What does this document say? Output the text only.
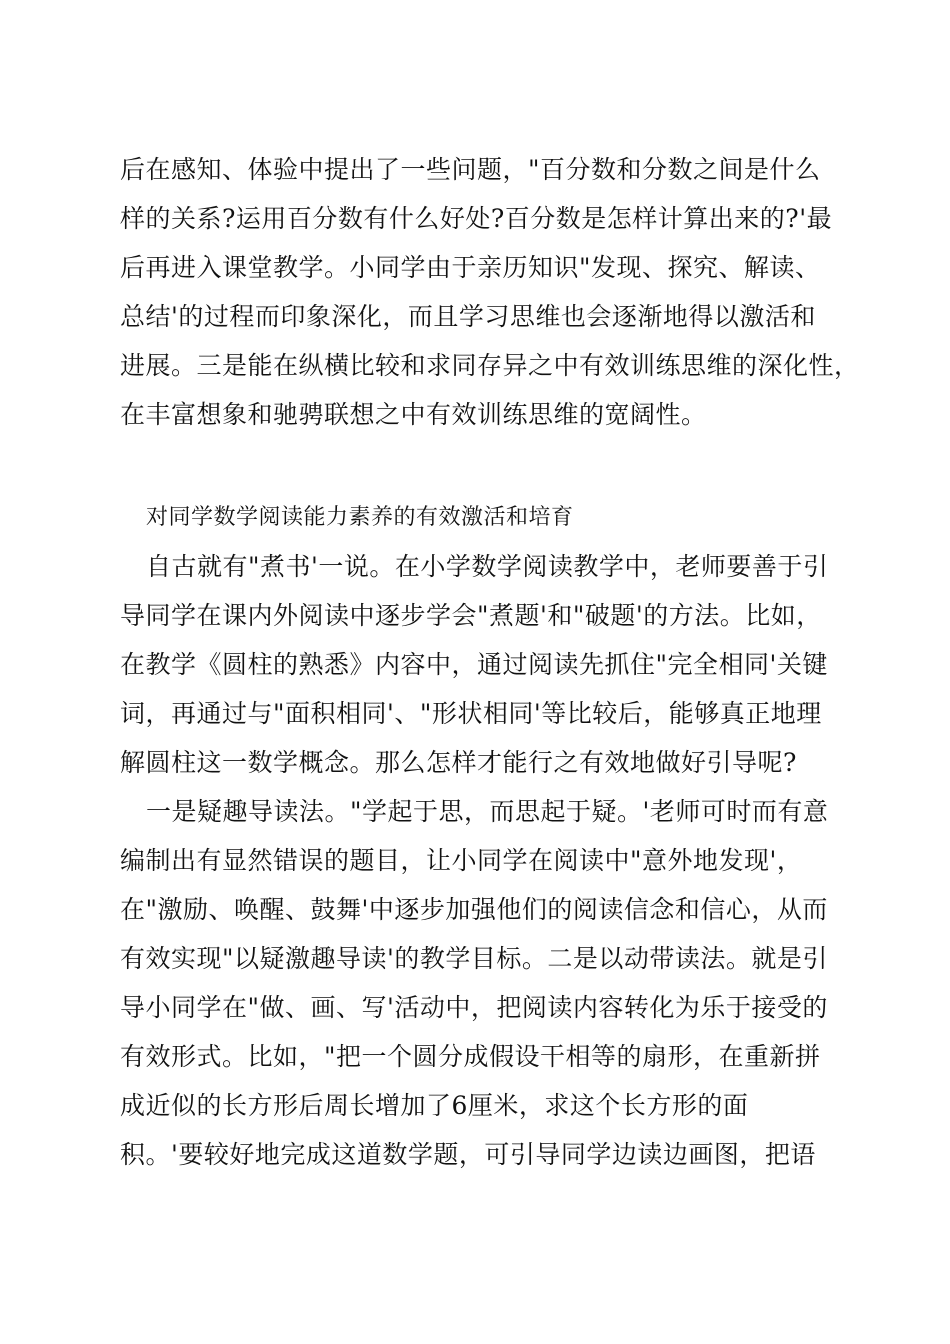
后在感知、体验中提出了一些问题，"百分数和分数之间是什么
样的关系?运用百分数有什么好处?百分数是怎样计算出来的?'最
后再进入课堂教学。小同学由于亲历知识"发现、探究、解读、
总结'的过程而印象深化，而且学习思维也会逐渐地得以激活和
进展。三是能在纵横比较和求同存异之中有效训练思维的深化性，
在丰富想象和驰骋联想之中有效训练思维的宽阔性。
对同学数学阅读能力素养的有效激活和培育
自古就有"煮书'一说。在小学数学阅读教学中，老师要善于引
导同学在课内外阅读中逐步学会"煮题'和"破题'的方法。比如，
在教学《圆柱的熟悉》内容中，通过阅读先抓住"完全相同'关键
词，再通过与"面积相同'、"形状相同'等比较后，能够真正地理
解圆柱这一数学概念。那么怎样才能行之有效地做好引导呢?
一是疑趣导读法。"学起于思，而思起于疑。'老师可时而有意
编制出有显然错误的题目，让小同学在阅读中"意外地发现'，
在"激励、唤醒、鼓舞'中逐步加强他们的阅读信念和信心，从而
有效实现"以疑激趣导读'的教学目标。二是以动带读法。就是引
导小同学在"做、画、写'活动中，把阅读内容转化为乐于接受的
有效形式。比如，"把一个圆分成假设干相等的扇形，在重新拼
成近似的长方形后周长增加了6厘米，求这个长方形的面
积。'要较好地完成这道数学题，可引导同学边读边画图，把语
